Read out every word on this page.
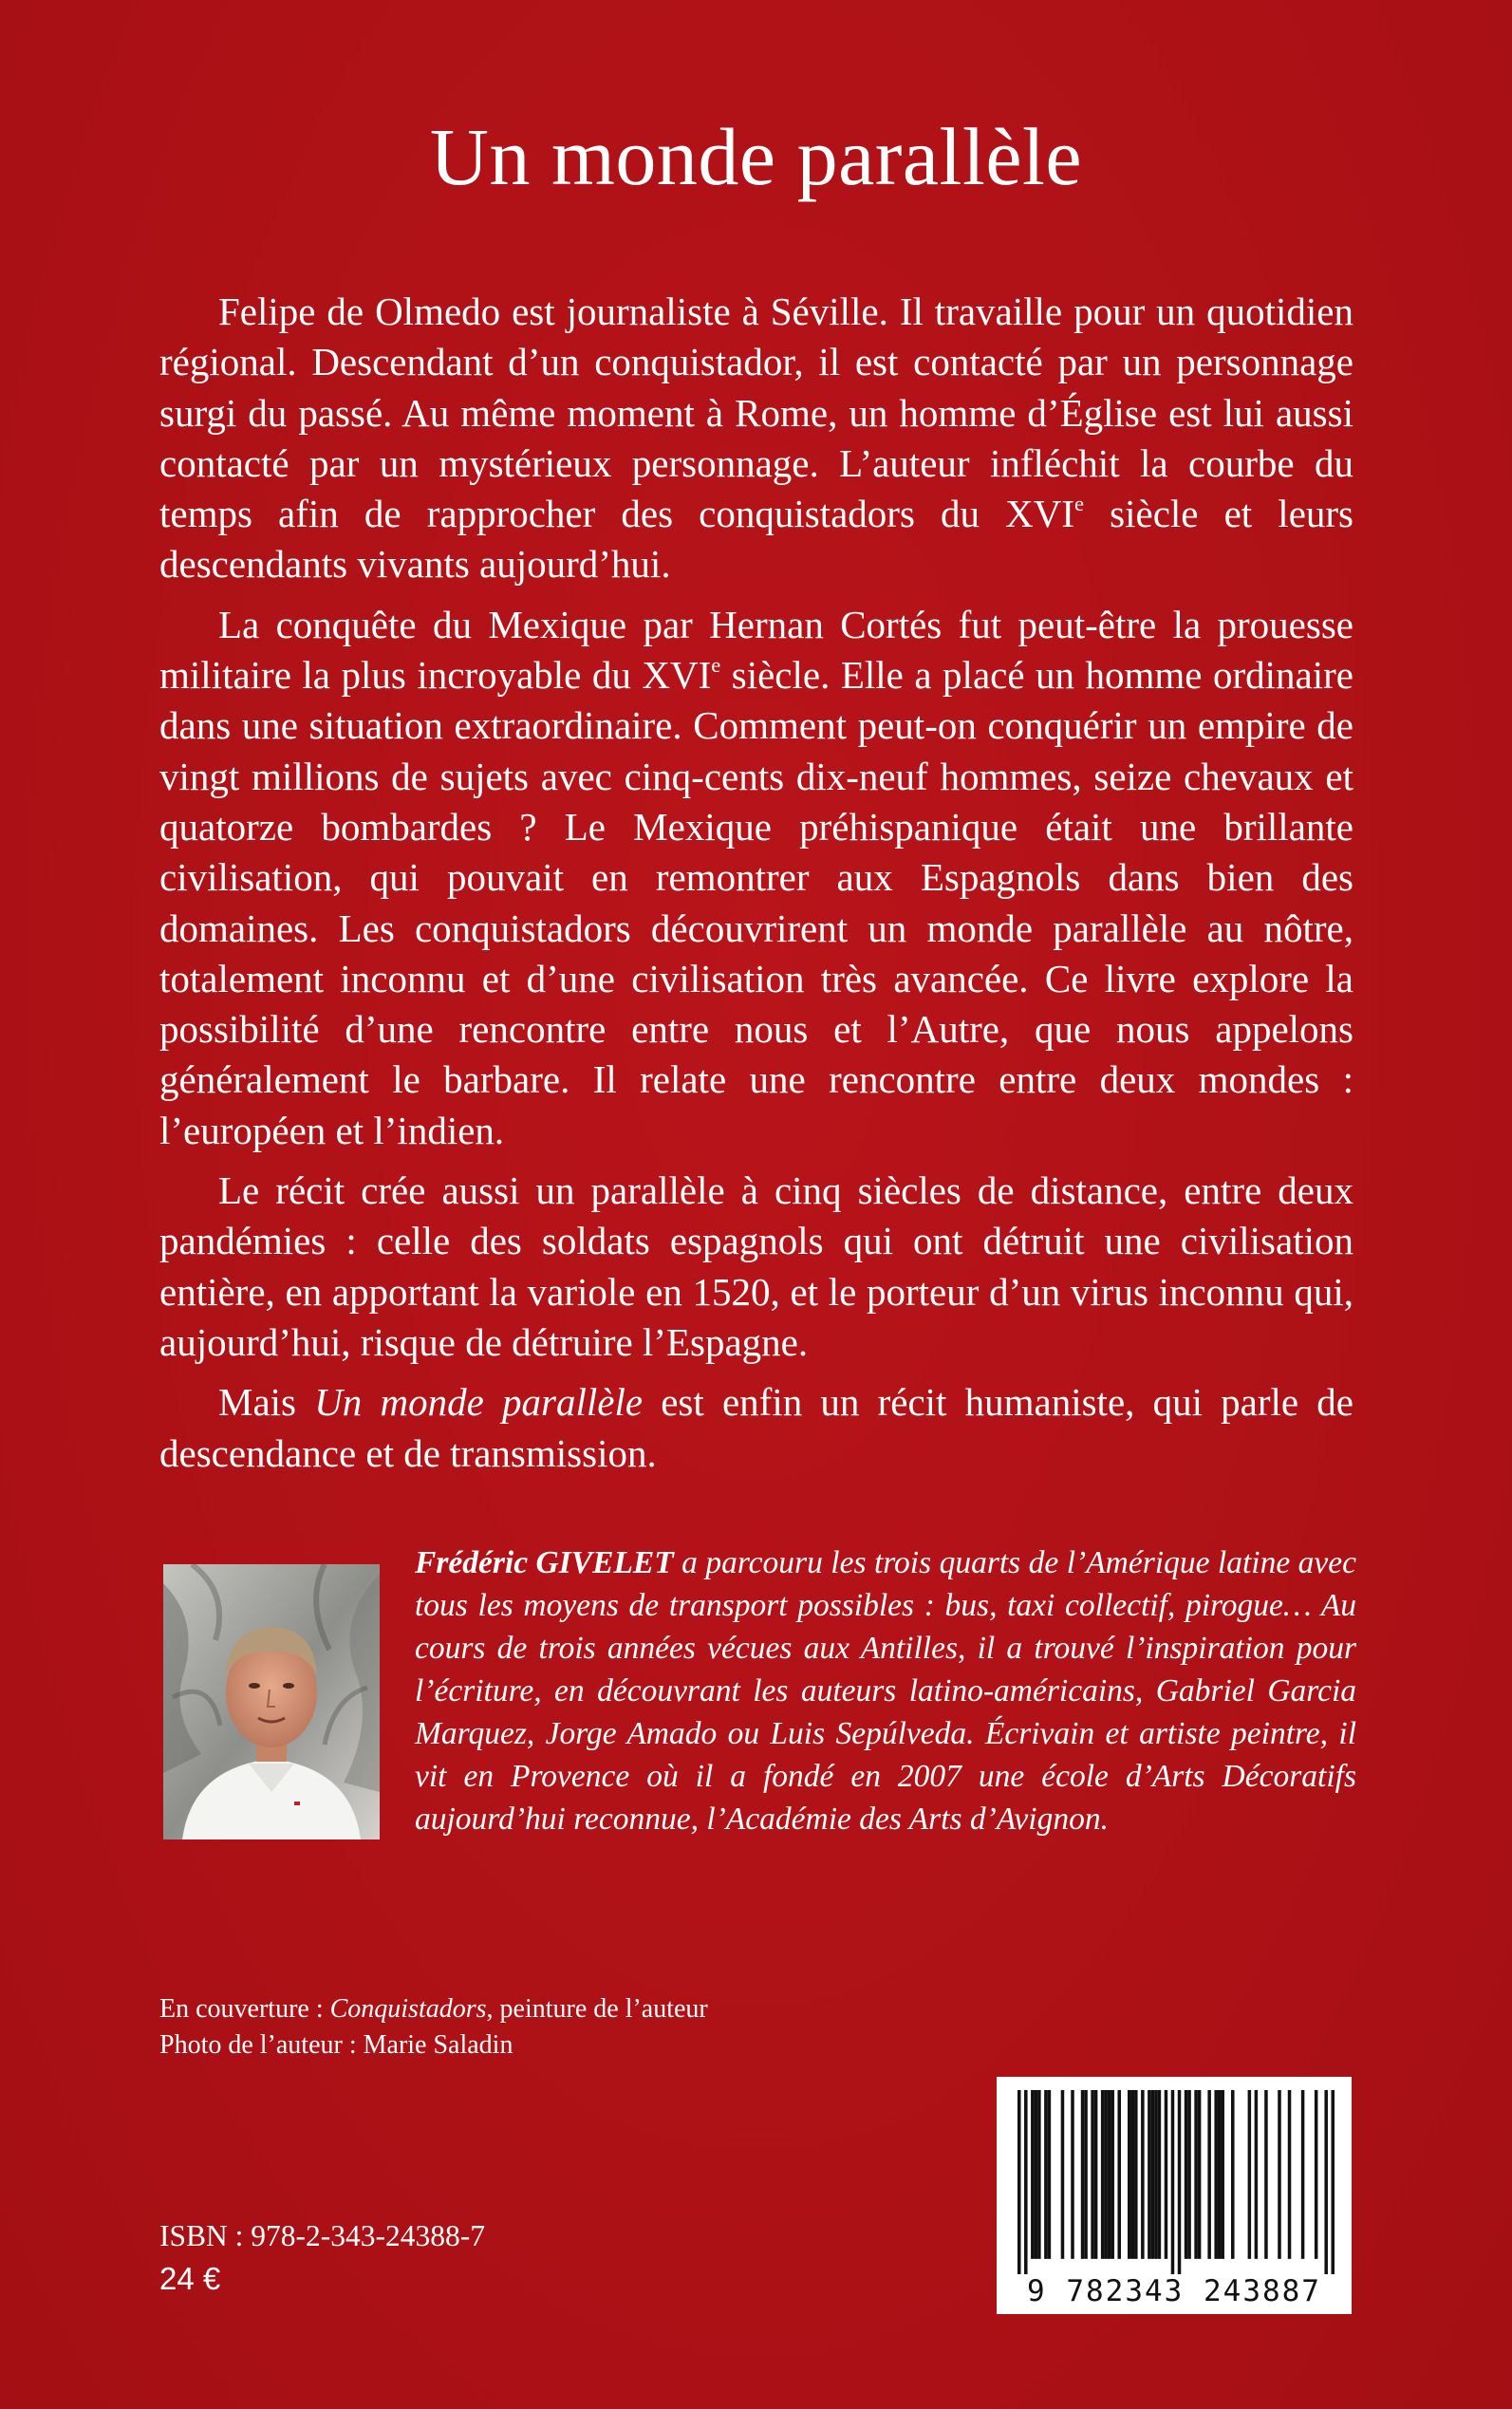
Un monde parallèle

Felipe de Olmedo est journaliste à Séville. Il travaille pour un quotidien régional. Descendant d’un conquistador, il est contacté par un personnage surgi du passé. Au même moment à Rome, un homme d’Église est lui aussi contacté par un mystérieux personnage. L’auteur infléchit la courbe du temps afin de rapprocher des conquistadors du XVIe siècle et leurs descendants vivants aujourd’hui.

La conquête du Mexique par Hernan Cortés fut peut-être la prouesse militaire la plus incroyable du XVIe siècle. Elle a placé un homme ordinaire dans une situation extraordinaire. Comment peut-on conquérir un empire de vingt millions de sujets avec cinq-cents dix-neuf hommes, seize chevaux et quatorze bombardes ? Le Mexique préhispanique était une brillante civilisation, qui pouvait en remontrer aux Espagnols dans bien des domaines. Les conquistadors découvrirent un monde parallèle au nôtre, totalement inconnu et d’une civilisation très avancée. Ce livre explore la possibilité d’une rencontre entre nous et l’Autre, que nous appelons généralement le barbare. Il relate une rencontre entre deux mondes : l’européen et l’indien.

Le récit crée aussi un parallèle à cinq siècles de distance, entre deux pandémies : celle des soldats espagnols qui ont détruit une civilisation entière, en apportant la variole en 1520, et le porteur d’un virus inconnu qui, aujourd’hui, risque de détruire l’Espagne.

Mais Un monde parallèle est enfin un récit humaniste, qui parle de descendance et de transmission.

Frédéric GIVELET a parcouru les trois quarts de l’Amérique latine avec tous les moyens de transport possibles : bus, taxi collectif, pirogue… Au cours de trois années vécues aux Antilles, il a trouvé l’inspiration pour l’écriture, en découvrant les auteurs latino-américains, Gabriel Garcia Marquez, Jorge Amado ou Luis Sepúlveda. Écrivain et artiste peintre, il vit en Provence où il a fondé en 2007 une école d’Arts Décoratifs aujourd’hui reconnue, l’Académie des Arts d’Avignon.
En couverture : Conquistadors, peinture de l’auteur
Photo de l’auteur : Marie Saladin
ISBN : 978-2-343-24388-7
24 €	9 782343 243887
